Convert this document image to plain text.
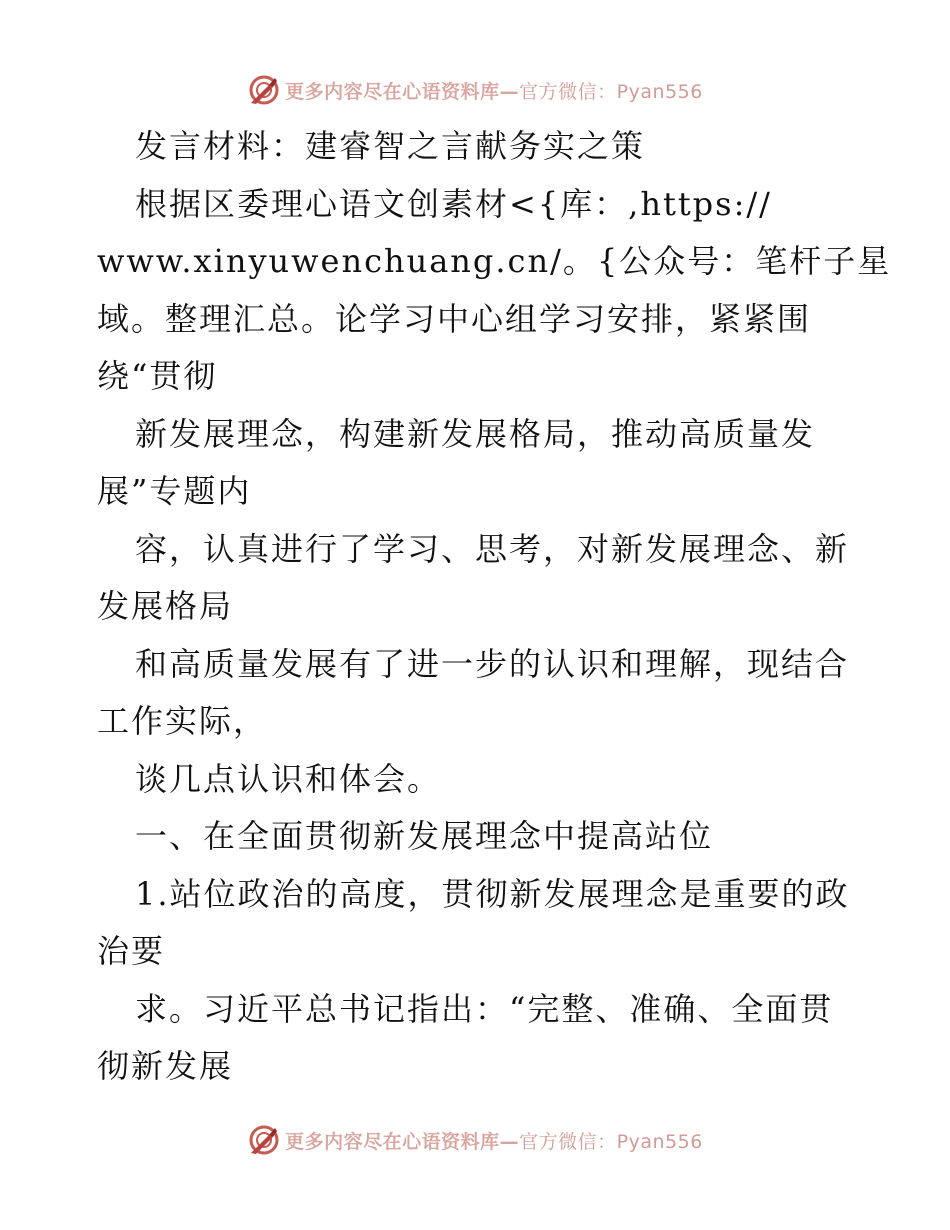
更多内容尽在心语资料库—官方微信：Pyan556
发言材料：建睿智之言献务实之策
根据区委理心语文创素材<{库：,https://
www.xinyuwenchuang.cn/。{公众号：笔杆子星
域。整理汇总。论学习中心组学习安排，紧紧围
绕“贯彻
新发展理念，构建新发展格局，推动高质量发
展”专题内
容，认真进行了学习、思考，对新发展理念、新
发展格局
和高质量发展有了进一步的认识和理解，现结合
工作实际，
谈几点认识和体会。
一、在全面贯彻新发展理念中提高站位
1.站位政治的高度，贯彻新发展理念是重要的政
治要
求。习近平总书记指出：“完整、准确、全面贯
彻新发展
更多内容尽在心语资料库—官方微信：Pyan556
